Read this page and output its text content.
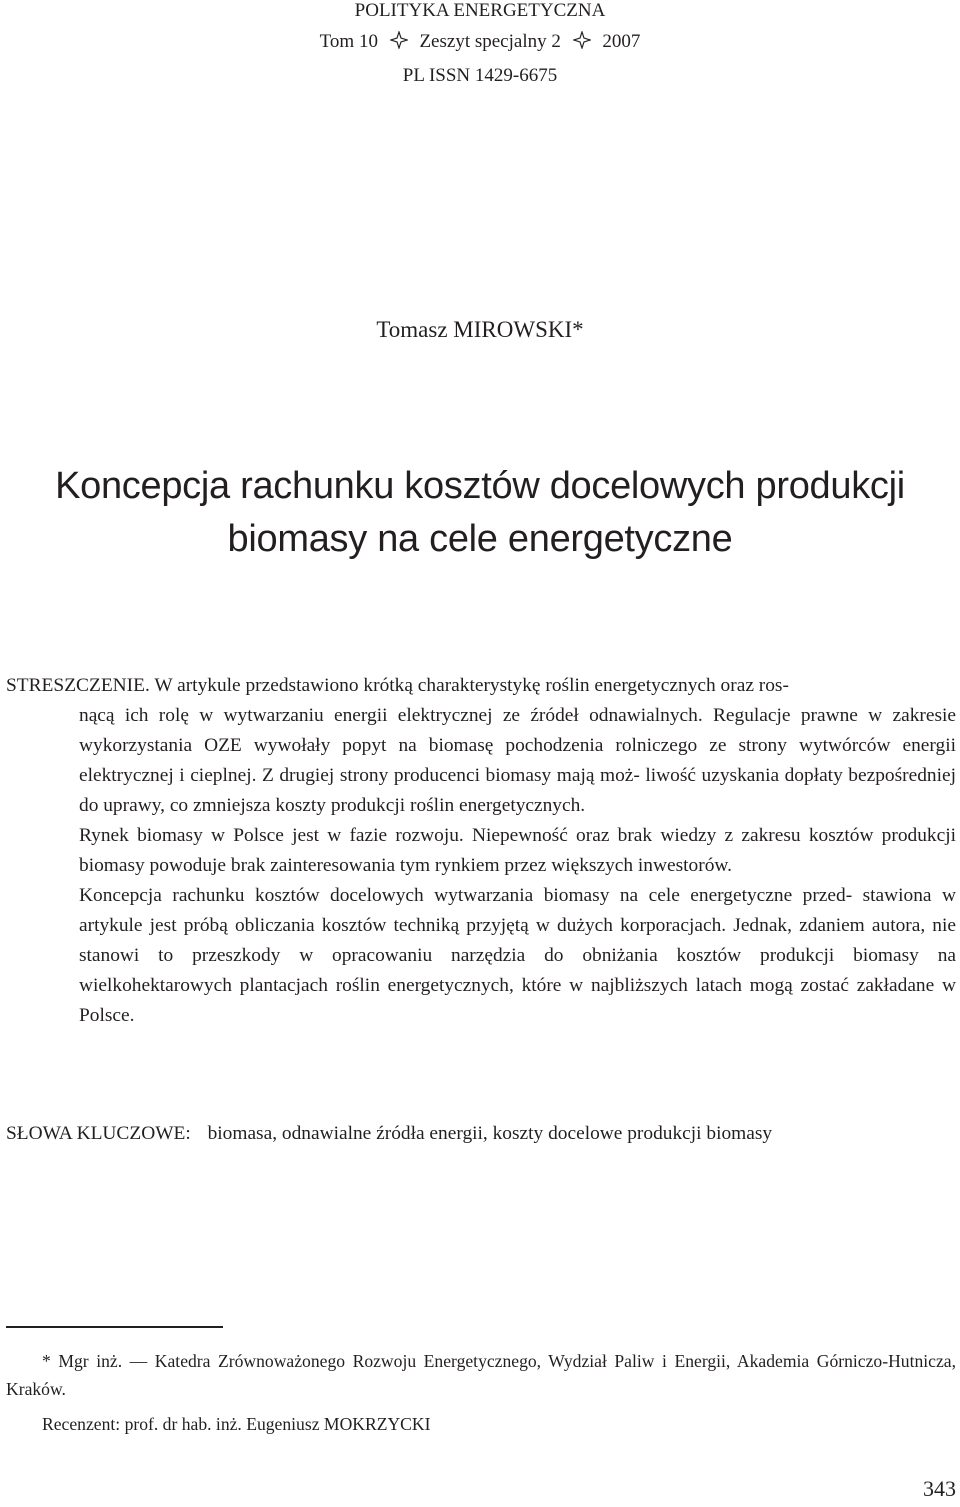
POLITYKA ENERGETYCZNA
Tom 10 Zeszyt specjalny 2 2007
PL ISSN 1429-6675
Tomasz MIROWSKI*
Koncepcja rachunku kosztów docelowych produkcji
biomasy na cele energetyczne

STRESZCZENIE. W artykule przedstawiono krótką charakterystykę roślin energetycznych oraz ros-

nącą ich rolę w wytwarzaniu energii elektrycznej ze źródeł odnawialnych. Regulacje prawne w zakresie wykorzystania OZE wywołały popyt na biomasę pochodzenia rolniczego ze strony wytwórców energii elektrycznej i cieplnej. Z drugiej strony producenci biomasy mają moż- liwość uzyskania dopłaty bezpośredniej do uprawy, co zmniejsza koszty produkcji roślin energetycznych.

Rynek biomasy w Polsce jest w fazie rozwoju. Niepewność oraz brak wiedzy z zakresu kosztów produkcji biomasy powoduje brak zainteresowania tym rynkiem przez większych inwestorów.

Koncepcja rachunku kosztów docelowych wytwarzania biomasy na cele energetyczne przed- stawiona w artykule jest próbą obliczania kosztów techniką przyjętą w dużych korporacjach. Jednak, zdaniem autora, nie stanowi to przeszkody w opracowaniu narzędzia do obniżania kosztów produkcji biomasy na wielkohektarowych plantacjach roślin energetycznych, które w najbliższych latach mogą zostać zakładane w Polsce.

SŁOWA KLUCZOWE: biomasa, odnawialne źródła energii, koszty docelowe produkcji biomasy

* Mgr inż. — Katedra Zrównoważonego Rozwoju Energetycznego, Wydział Paliw i Energii, Akademia Górniczo-Hutnicza, Kraków.

Recenzent: prof. dr hab. inż. Eugeniusz MOKRZYCKI
343
